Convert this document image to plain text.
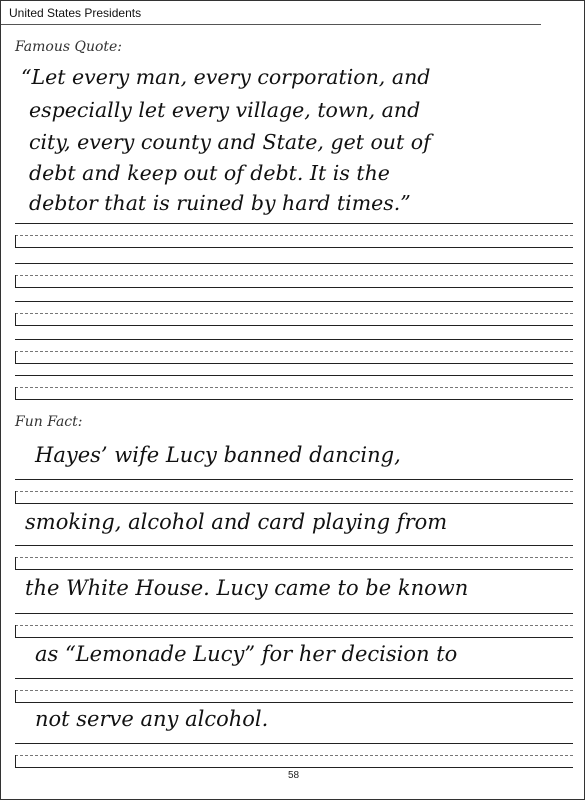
United States Presidents
Famous Quote:
“Let every man, every corporation, and
especially let every village, town, and
city, every county and State, get out of
debt and keep out of debt. It is the
debtor that is ruined by hard times.”
Fun Fact:
Hayes’ wife Lucy banned dancing,
smoking, alcohol and card playing from
the White House. Lucy came to be known
as “Lemonade Lucy” for her decision to
not serve any alcohol.
58
